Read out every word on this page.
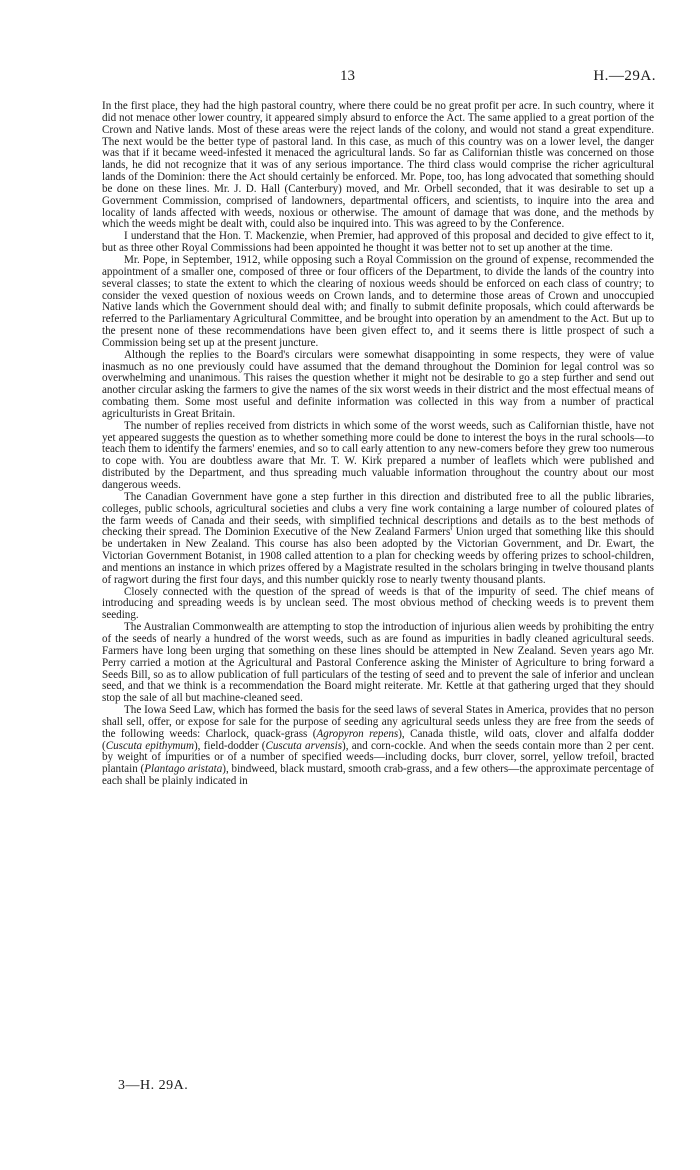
13	H.—29A.

In the first place, they had the high pastoral country, where there could be no great profit per acre. In such country, where it did not menace other lower country, it appeared simply absurd to enforce the Act. The same applied to a great portion of the Crown and Native lands. Most of these areas were the reject lands of the colony, and would not stand a great expenditure. The next would be the better type of pastoral land. In this case, as much of this country was on a lower level, the danger was that if it became weed-infested it menaced the agricultural lands. So far as Californian thistle was concerned on those lands, he did not recognize that it was of any serious importance. The third class would comprise the richer agricultural lands of the Dominion: there the Act should certainly be enforced. Mr. Pope, too, has long advocated that something should be done on these lines. Mr. J. D. Hall (Canterbury) moved, and Mr. Orbell seconded, that it was desirable to set up a Government Commission, comprised of landowners, departmental officers, and scientists, to inquire into the area and locality of lands affected with weeds, noxious or otherwise. The amount of damage that was done, and the methods by which the weeds might be dealt with, could also be inquired into. This was agreed to by the Conference.

I understand that the Hon. T. Mackenzie, when Premier, had approved of this proposal and decided to give effect to it, but as three other Royal Commissions had been appointed he thought it was better not to set up another at the time.

Mr. Pope, in September, 1912, while opposing such a Royal Commission on the ground of expense, recommended the appointment of a smaller one, composed of three or four officers of the Department, to divide the lands of the country into several classes; to state the extent to which the clearing of noxious weeds should be enforced on each class of country; to consider the vexed question of noxious weeds on Crown lands, and to determine those areas of Crown and unoccupied Native lands which the Government should deal with; and finally to submit definite proposals, which could afterwards be referred to the Parliamentary Agricultural Committee, and be brought into operation by an amendment to the Act. But up to the present none of these recommendations have been given effect to, and it seems there is little prospect of such a Commission being set up at the present juncture.

Although the replies to the Board's circulars were somewhat disappointing in some respects, they were of value inasmuch as no one previously could have assumed that the demand throughout the Dominion for legal control was so overwhelming and unanimous. This raises the question whether it might not be desirable to go a step further and send out another circular asking the farmers to give the names of the six worst weeds in their district and the most effectual means of combating them. Some most useful and definite information was collected in this way from a number of practical agriculturists in Great Britain.

The number of replies received from districts in which some of the worst weeds, such as Californian thistle, have not yet appeared suggests the question as to whether something more could be done to interest the boys in the rural schools—to teach them to identify the farmers' enemies, and so to call early attention to any new-comers before they grew too numerous to cope with. You are doubtless aware that Mr. T. W. Kirk prepared a number of leaflets which were published and distributed by the Department, and thus spreading much valuable information throughout the country about our most dangerous weeds.

The Canadian Government have gone a step further in this direction and distributed free to all the public libraries, colleges, public schools, agricultural societies and clubs a very fine work containing a large number of coloured plates of the farm weeds of Canada and their seeds, with simplified technical descriptions and details as to the best methods of checking their spread. The Dominion Executive of the New Zealand Farmers' Union urged that something like this should be undertaken in New Zealand. This course has also been adopted by the Victorian Government, and Dr. Ewart, the Victorian Government Botanist, in 1908 called attention to a plan for checking weeds by offering prizes to school-children, and mentions an instance in which prizes offered by a Magistrate resulted in the scholars bringing in twelve thousand plants of ragwort during the first four days, and this number quickly rose to nearly twenty thousand plants.

Closely connected with the question of the spread of weeds is that of the impurity of seed. The chief means of introducing and spreading weeds is by unclean seed. The most obvious method of checking weeds is to prevent them seeding.

The Australian Commonwealth are attempting to stop the introduction of injurious alien weeds by prohibiting the entry of the seeds of nearly a hundred of the worst weeds, such as are found as impurities in badly cleaned agricultural seeds. Farmers have long been urging that something on these lines should be attempted in New Zealand. Seven years ago Mr. Perry carried a motion at the Agricultural and Pastoral Conference asking the Minister of Agriculture to bring forward a Seeds Bill, so as to allow publication of full particulars of the testing of seed and to prevent the sale of inferior and unclean seed, and that we think is a recommendation the Board might reiterate. Mr. Kettle at that gathering urged that they should stop the sale of all but machine-cleaned seed.

The Iowa Seed Law, which has formed the basis for the seed laws of several States in America, provides that no person shall sell, offer, or expose for sale for the purpose of seeding any agricultural seeds unless they are free from the seeds of the following weeds: Charlock, quack-grass (Agropyron repens), Canada thistle, wild oats, clover and alfalfa dodder (Cuscuta epithymum), field-dodder (Cuscuta arvensis), and corn-cockle. And when the seeds contain more than 2 per cent. by weight of impurities or of a number of specified weeds—including docks, burr clover, sorrel, yellow trefoil, bracted plantain (Plantago aristata), bindweed, black mustard, smooth crab-grass, and a few others—the approximate percentage of each shall be plainly indicated in

3—H. 29A.
